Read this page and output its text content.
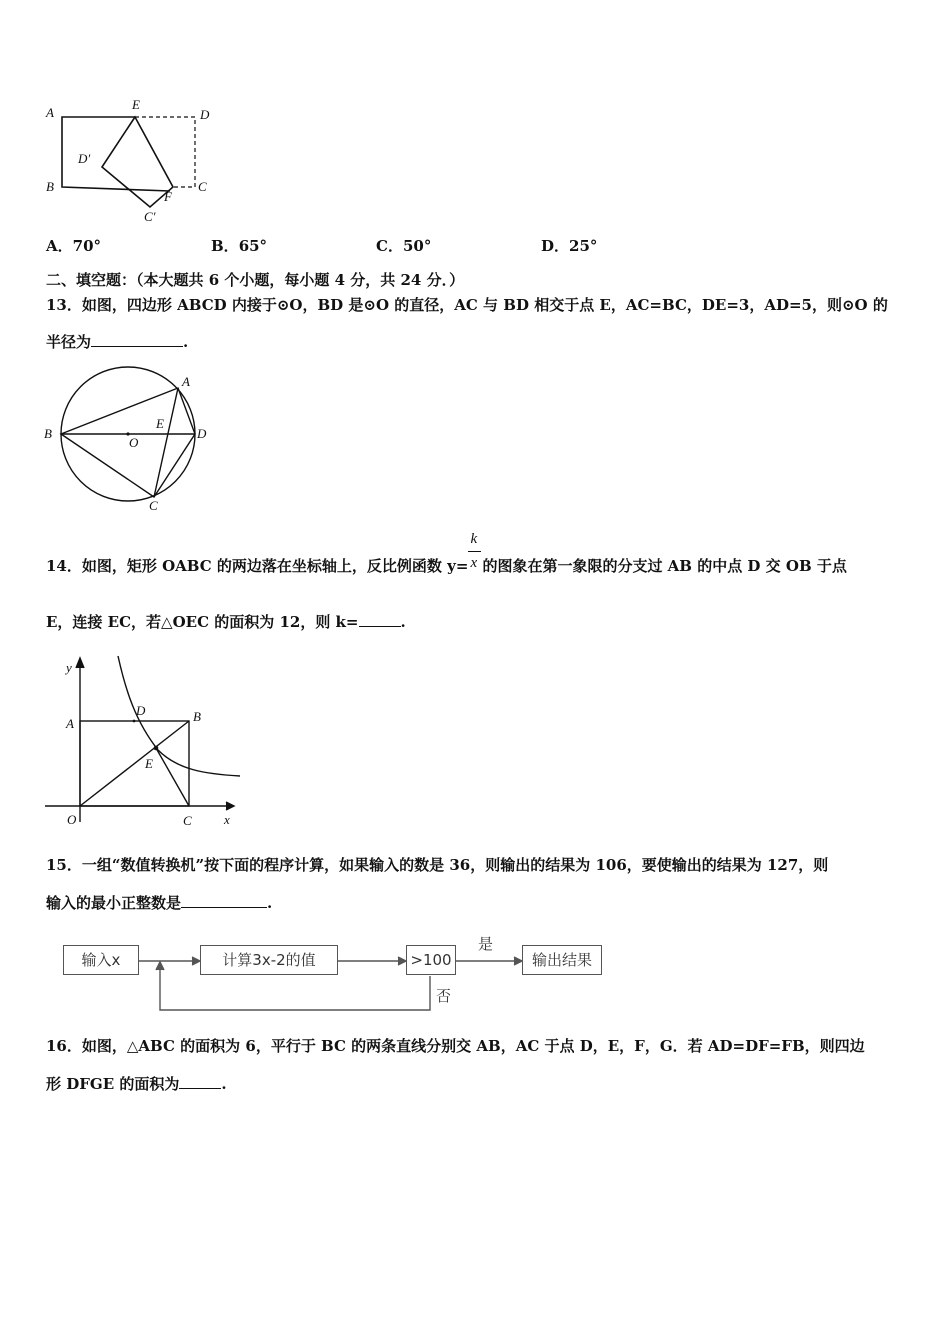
A
E
D
D′
B	C
F
C′
A．70°	B．65°	C．50°	D．25°
二、填空题：（本大题共 6 个小题，每小题 4 分，共 24 分．）
13．如图，四边形 ABCD 内接于⊙O，BD 是⊙O 的直径，AC 与 BD 相交于点 E，AC=BC，DE=3，AD=5，则⊙O 的
半径为	.
A
B
C
D
E
O
14．如图，矩形 OABC 的两边落在坐标轴上，反比例函数 y=
k
x 的图象在第一象限的分支过 AB 的中点 D 交 OB 于点
E，连接 EC，若△OEC 的面积为 12，则 k=	.
y
x
A	B
C
D
E
O
15．一组“数值转换机”按下面的程序计算，如果输入的数是 36，则输出的结果为 106，要使输出的结果为 127，则
输入的最小正整数是	.
输入x	计算3x-2的值	>100	输出结果
是
否
16．如图，△ABC 的面积为 6，平行于 BC 的两条直线分别交 AB，AC 于点 D，E，F，G．若 AD=DF=FB，则四边
形 DFGE 的面积为	.
